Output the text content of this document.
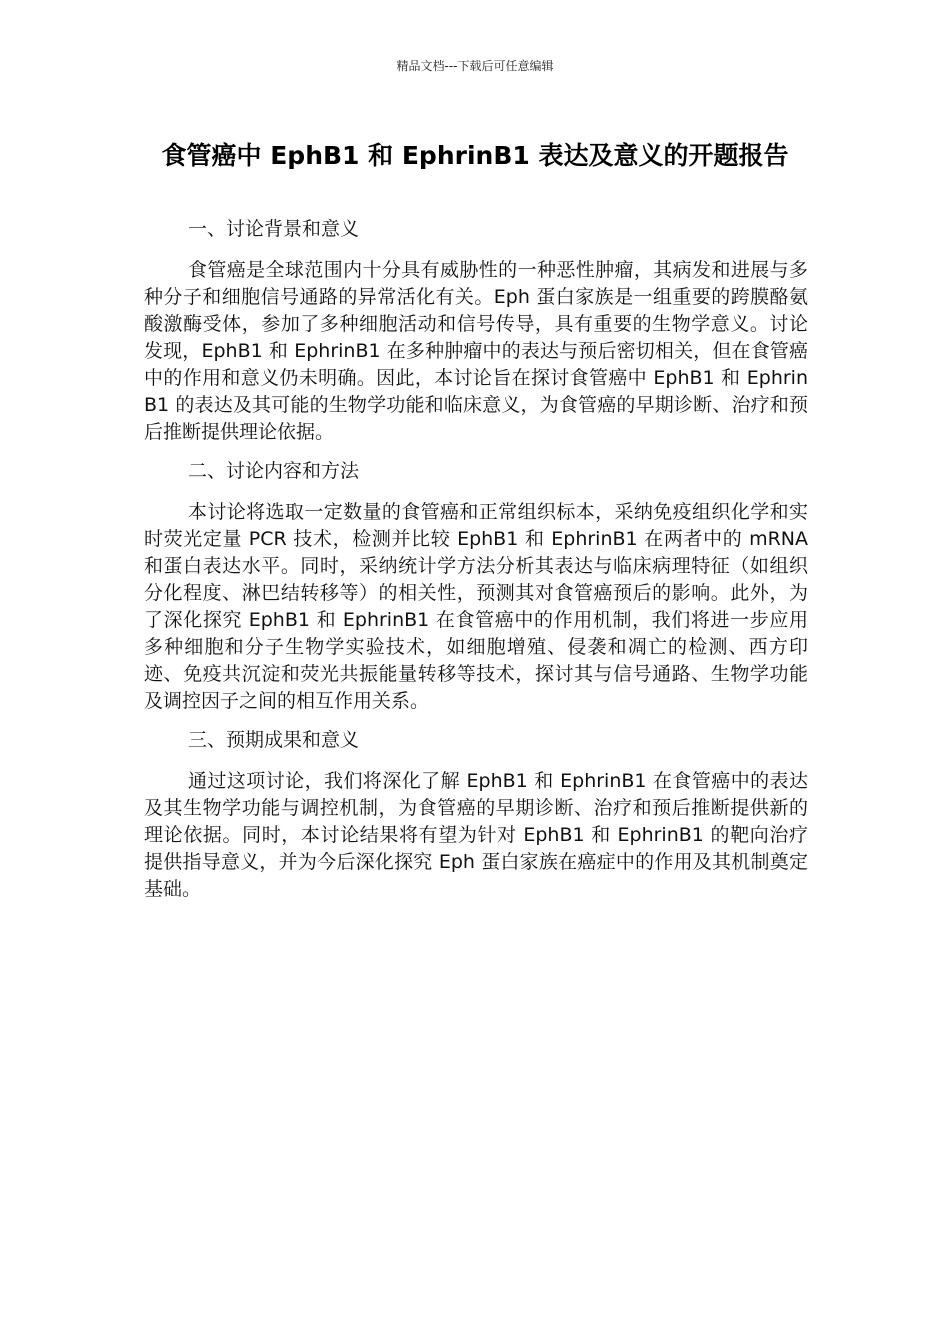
精品文档---下载后可任意编辑
食管癌中 EphB1 和 EphrinB1 表达及意义的开题报告

一、讨论背景和意义

食管癌是全球范围内十分具有威胁性的一种恶性肿瘤，其病发和进展与多种分子和细胞信号通路的异常活化有关。Eph 蛋白家族是一组重要的跨膜酪氨酸激酶受体，参加了多种细胞活动和信号传导，具有重要的生物学意义。讨论发现，EphB1 和 EphrinB1 在多种肿瘤中的表达与预后密切相关，但在食管癌中的作用和意义仍未明确。因此，本讨论旨在探讨食管癌中 EphB1 和 EphrinB1 的表达及其可能的生物学功能和临床意义，为食管癌的早期诊断、治疗和预后推断提供理论依据。

二、讨论内容和方法

本讨论将选取一定数量的食管癌和正常组织标本，采纳免疫组织化学和实时荧光定量 PCR 技术，检测并比较 EphB1 和 EphrinB1 在两者中的 mRNA 和蛋白表达水平。同时，采纳统计学方法分析其表达与临床病理特征（如组织分化程度、淋巴结转移等）的相关性，预测其对食管癌预后的影响。此外，为了深化探究 EphB1 和 EphrinB1 在食管癌中的作用机制，我们将进一步应用多种细胞和分子生物学实验技术，如细胞增殖、侵袭和凋亡的检测、西方印迹、免疫共沉淀和荧光共振能量转移等技术，探讨其与信号通路、生物学功能及调控因子之间的相互作用关系。

三、预期成果和意义

通过这项讨论，我们将深化了解 EphB1 和 EphrinB1 在食管癌中的表达及其生物学功能与调控机制，为食管癌的早期诊断、治疗和预后推断提供新的理论依据。同时，本讨论结果将有望为针对 EphB1 和 EphrinB1 的靶向治疗提供指导意义，并为今后深化探究 Eph 蛋白家族在癌症中的作用及其机制奠定基础。
